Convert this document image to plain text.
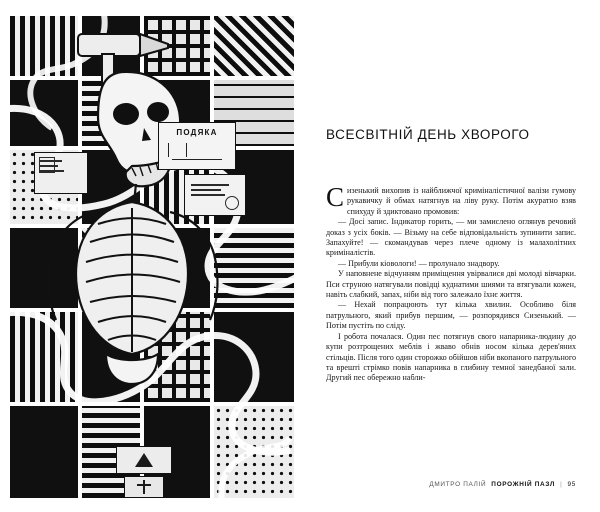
ПОДЯКА	ВСЕСВІТНІЙ ДЕНЬ ХВОРОГО

Сизенький вихопив із найближчої криміналістичної валізи гумову рукавичку й обмах натягнув на ліву руку. Потім акуратно взяв спихуду й здиктовано промовив:

— Досі запис. Індикатор горить, — ми замислено оглянув речовий доказ з усіх боків. — Візьму на себе відповідальність зупинити запис. Запахуйте! — скомандував через плече одному із малахолітних криміналістів.

— Прибули кіовологи! — пролунало знадвору.

У наповнене відчунням приміщення увірвалися дві молоді вівчарки. Пси струною натягували повідці куднатими шиями та втягували кожен, навіть слабкий, запах, ніби від того залежало їхнє життя.

— Нехай попрацюють тут кілька хвилин. Особливо біля патрульного, який прибув першим, — розпорядився Сизенький. — Потім пустіть по сліду.

І робота почалася. Один пес потягнув свого напарника-людину до купи розтрощених меблів і жваво обнів носом кілька дерев'яних стільців. Після того один сторожко обійшов ніби вкопаного патрульного та врешті стрімко повів напарника в глибину темної занедбаної зали. Другий пес обережно набли-

ДМИТРО ПАЛІЙ ПОРОЖНІЙ ПАЗЛ | 95
